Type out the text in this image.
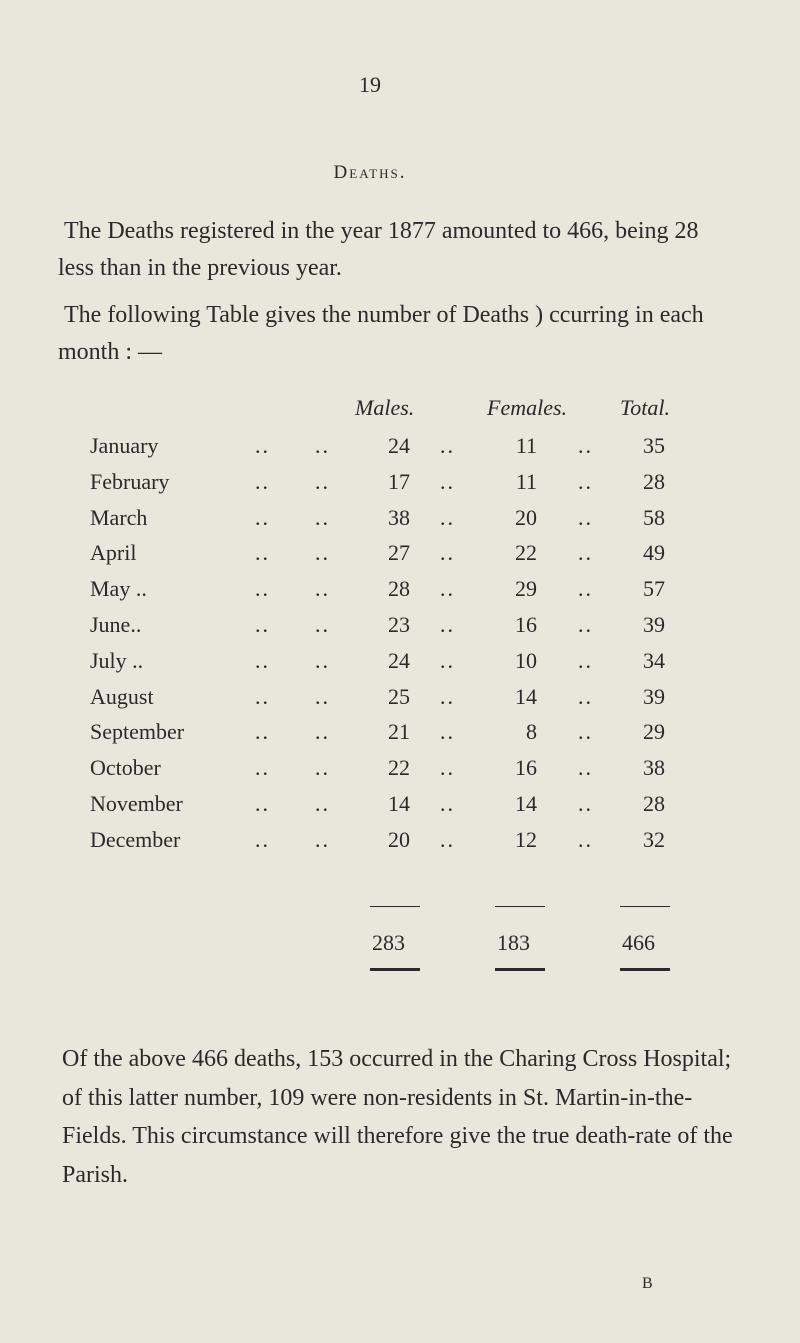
19
Deaths.

The Deaths registered in the year 1877 amounted to 466, being 28 less than in the previous year.

The following Table gives the number of Deaths ) ccurring in each month : —

Males.	Females. Total.
January	.. ..	24 ..	11 ..	35
February	.. ..	17 ..	11 ..	28
March	.. ..	38 ..	20 ..	58
April	.. ..	27 ..	22 ..	49
May ..	.. ..	28 ..	29 ..	57
June..	.. ..	23 ..	16 ..	39
July ..	.. ..	24 ..	10 ..	34
August	.. ..	25 ..	14 ..	39
September	.. ..	21 ..	8 ..	29
October	.. ..	22 ..	16 ..	38
November	.. ..	14 ..	14 ..	28
December	.. ..	20 ..	12 ..	32
283	183	466

Of the above 466 deaths, 153 occurred in the Charing Cross Hospital; of this latter number, 109 were non-residents in St. Martin-in-the-Fields. This circumstance will therefore give the true death-rate of the Parish.

B
